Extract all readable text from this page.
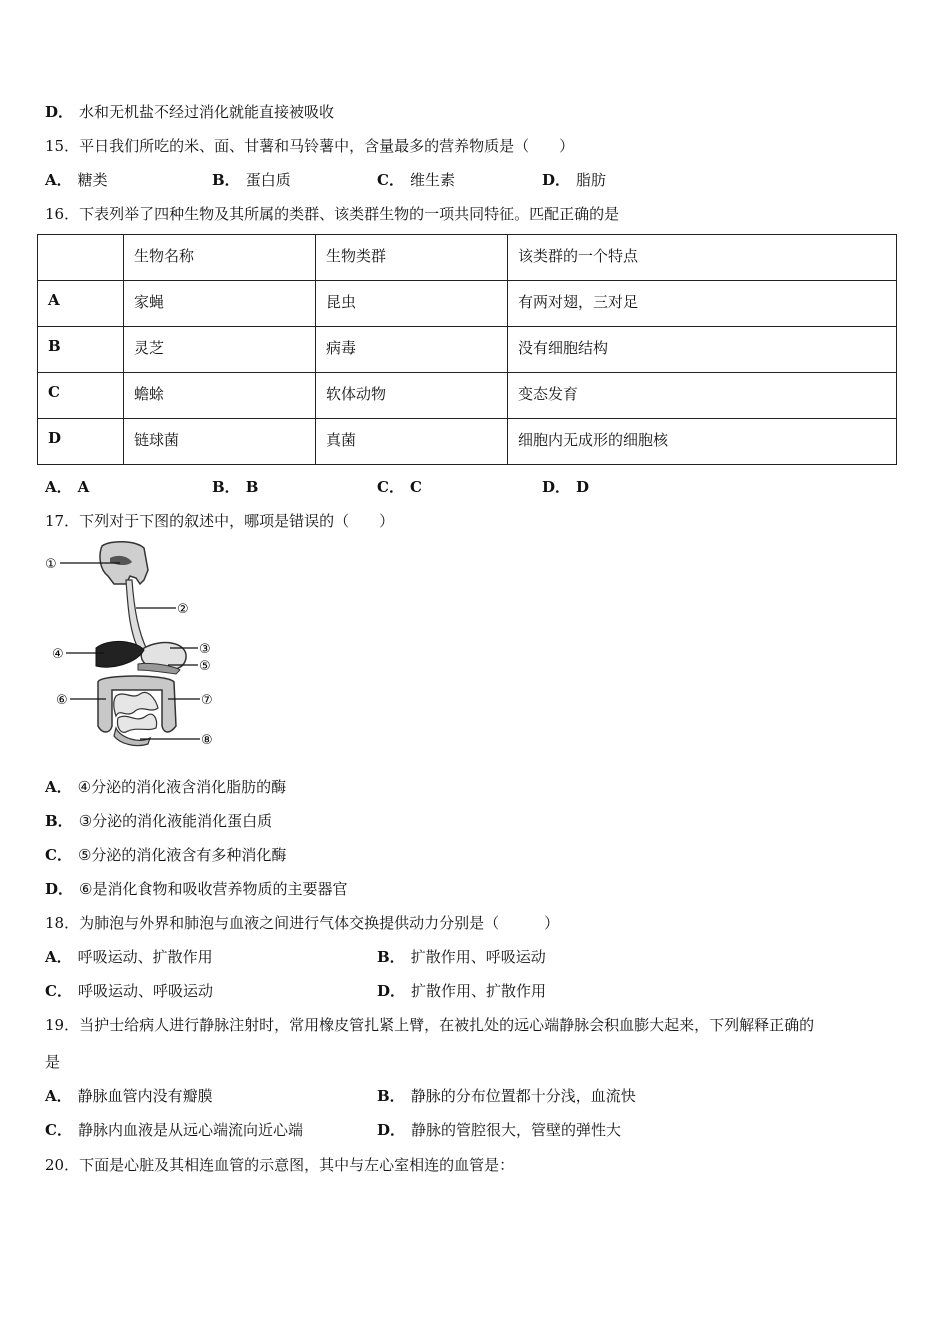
D． 水和无机盐不经过消化就能直接被吸收
15．平日我们所吃的米、面、甘薯和马铃薯中，含量最多的营养物质是（　　）
A． 糖类	B． 蛋白质	C． 维生素	D． 脂肪
16．下表列举了四种生物及其所属的类群、该类群生物的一项共同特征。匹配正确的是
	生物名称	生物类群	该类群的一个特点
A	家蝇	昆虫	有两对翅，三对足
B	灵芝	病毒	没有细胞结构
C	蟾蜍	软体动物	变态发育
D	链球菌	真菌	细胞内无成形的细胞核
A． A	B． B	C． C	D． D
17．下列对于下图的叙述中，哪项是错误的（　　）
①
②
③
④
⑤
⑥	⑦
⑧
A． ④分泌的消化液含消化脂肪的酶
B． ③分泌的消化液能消化蛋白质
C． ⑤分泌的消化液含有多种消化酶
D． ⑥是消化食物和吸收营养物质的主要器官
18．为肺泡与外界和肺泡与血液之间进行气体交换提供动力分别是（　　　）
A． 呼吸运动、扩散作用	B． 扩散作用、呼吸运动
C． 呼吸运动、呼吸运动	D． 扩散作用、扩散作用
19．当护士给病人进行静脉注射时，常用橡皮管扎紧上臂，在被扎处的远心端静脉会积血膨大起来，下列解释正确的
是
A． 静脉血管内没有瓣膜	B． 静脉的分布位置都十分浅，血流快
C． 静脉内血液是从远心端流向近心端	D． 静脉的管腔很大，管壁的弹性大
20．下面是心脏及其相连血管的示意图，其中与左心室相连的血管是：
